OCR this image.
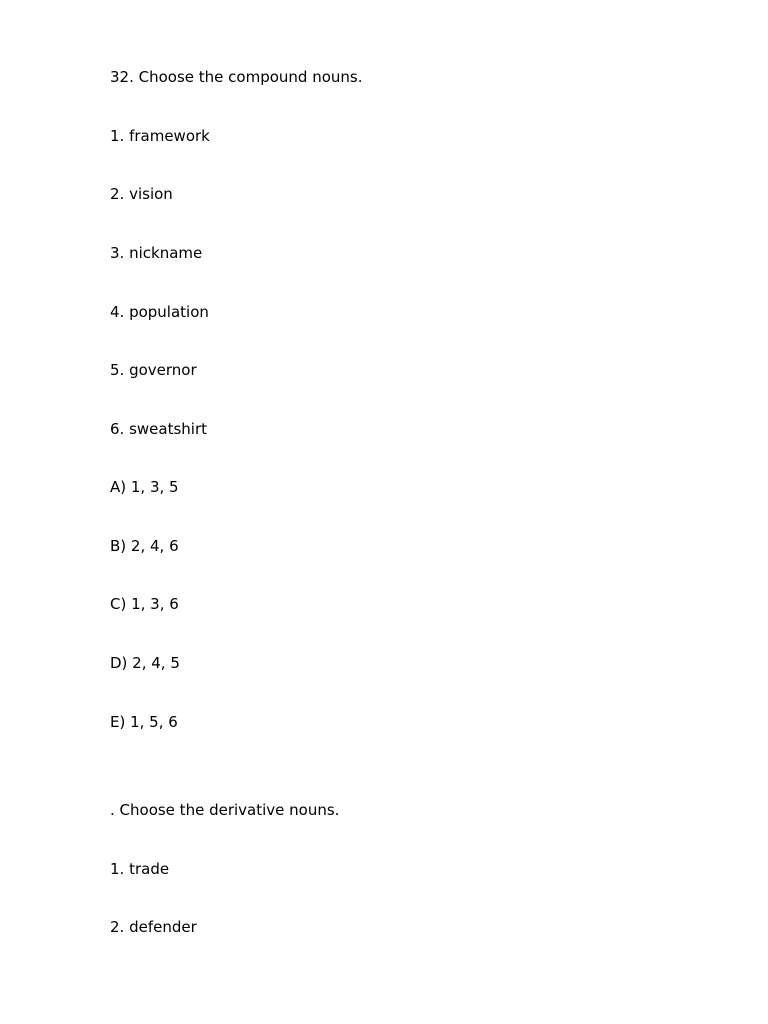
32. Choose the compound nouns.
1. framework
2. vision
3. nickname
4. population
5. governor
6. sweatshirt
A) 1, 3, 5
B) 2, 4, 6
C) 1, 3, 6
D) 2, 4, 5
E) 1, 5, 6
. Choose the derivative nouns.
1. trade
2. defender
